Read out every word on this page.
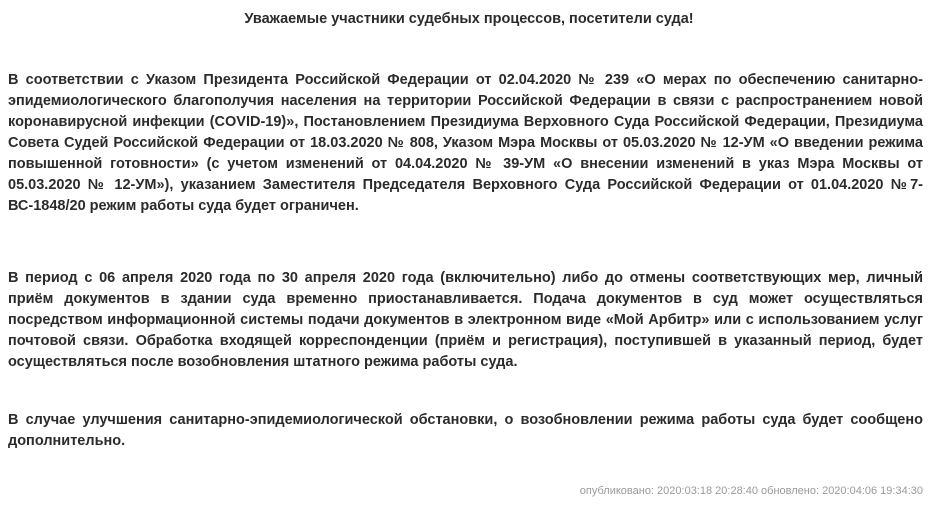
Уважаемые участники судебных процессов, посетители суда!

В соответствии с Указом Президента Российской Федерации от 02.04.2020 № 239 «О мерах по обеспечению санитарно-эпидемиологического благополучия населения на территории Российской Федерации в связи с распространением новой коронавирусной инфекции (COVID-19)», Постановлением Президиума Верховного Суда Российской Федерации, Президиума Совета Судей Российской Федерации от 18.03.2020 № 808, Указом Мэра Москвы от 05.03.2020 № 12-УМ «О введении режима повышенной готовности» (с учетом изменений от 04.04.2020 № 39-УМ «О внесении изменений в указ Мэра Москвы от 05.03.2020 № 12-УМ»), указанием Заместителя Председателя Верховного Суда Российской Федерации от 01.04.2020 №7-ВС-1848/20 режим работы суда будет ограничен.

В период с 06 апреля 2020 года по 30 апреля 2020 года (включительно) либо до отмены соответствующих мер, личный приём документов в здании суда временно приостанавливается. Подача документов в суд может осуществляться посредством информационной системы подачи документов в электронном виде «Мой Арбитр» или с использованием услуг почтовой связи. Обработка входящей корреспонденции (приём и регистрация), поступившей в указанный период, будет осуществляться после возобновления штатного режима работы суда.

В случае улучшения санитарно-эпидемиологической обстановки, о возобновлении режима работы суда будет сообщено дополнительно.

опубликовано: 2020:03:18 20:28:40 обновлено: 2020:04:06 19:34:30
